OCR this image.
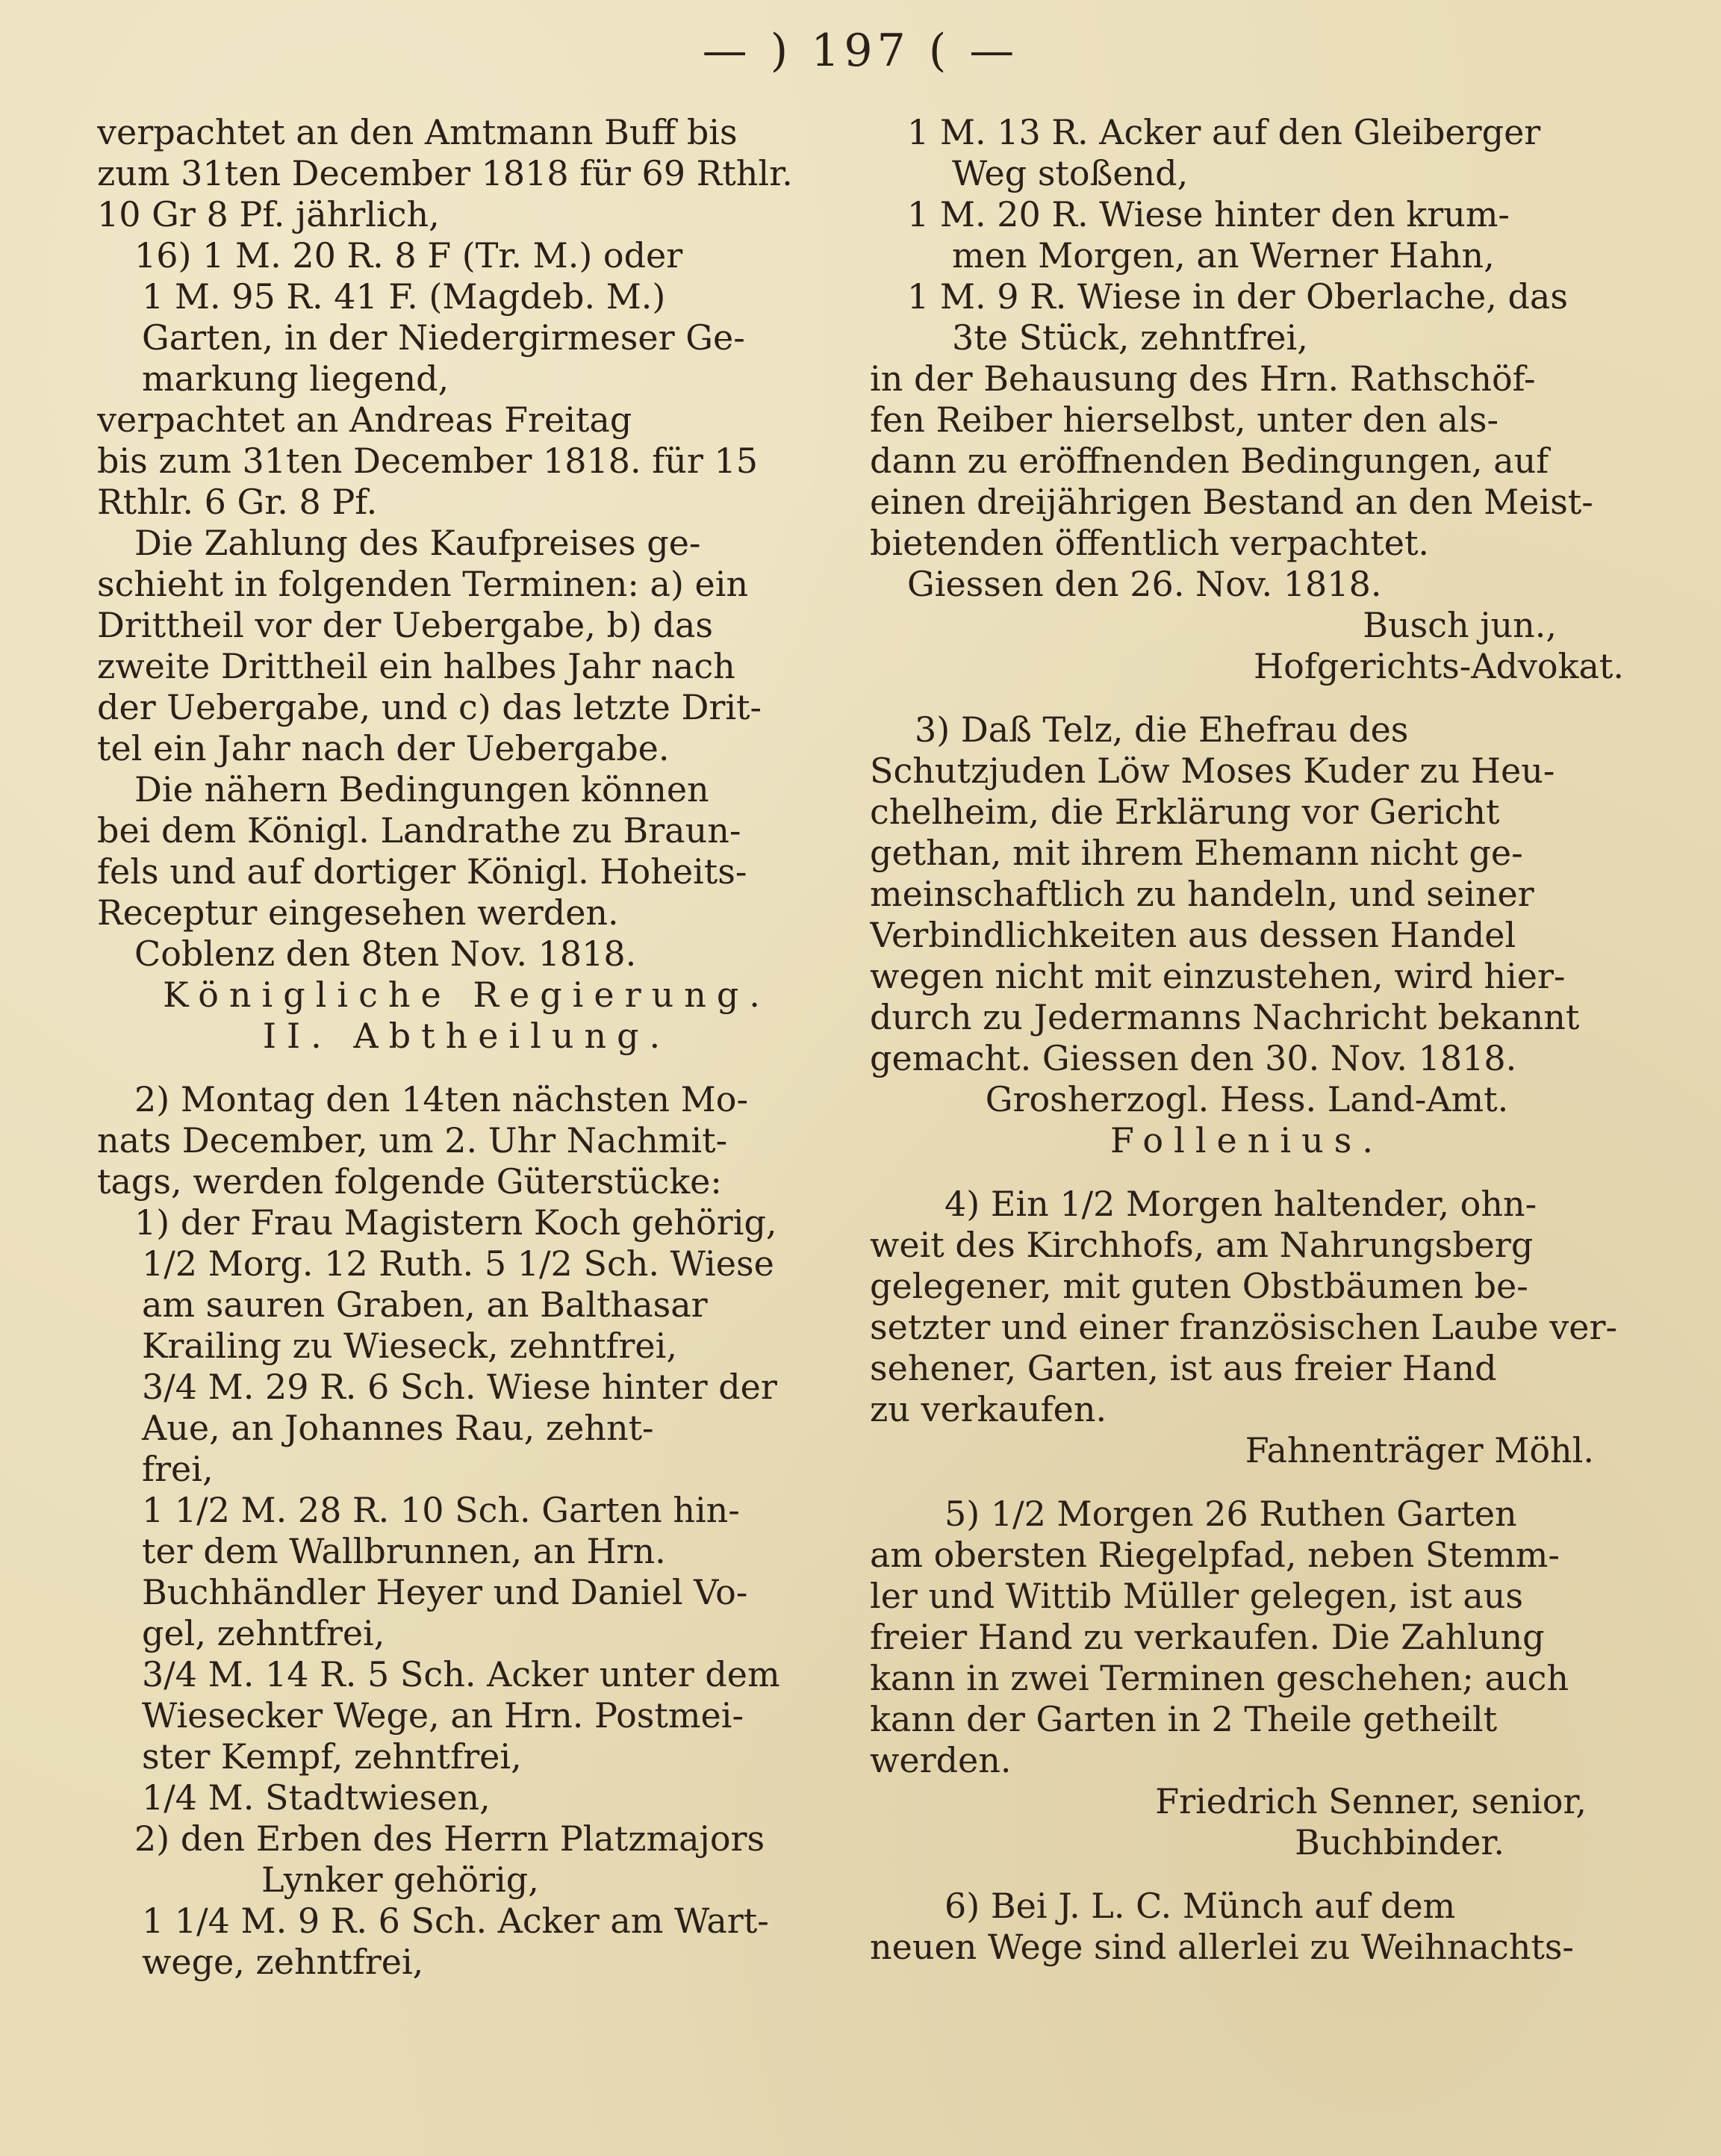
— ) 197 ( —
verpachtet an den Amtmann Buff bis
zum 31ten December 1818 für 69 Rthlr.
10 Gr 8 Pf. jährlich,
16) 1 M. 20 R. 8 F (Tr. M.) oder
1 M. 95 R. 41 F. (Magdeb. M.)
Garten, in der Niedergirmeser Ge-
markung liegend,
verpachtet an Andreas Freitag
bis zum 31ten December 1818. für 15
Rthlr. 6 Gr. 8 Pf.
Die Zahlung des Kaufpreises ge-
schieht in folgenden Terminen: a) ein
Drittheil vor der Uebergabe, b) das
zweite Drittheil ein halbes Jahr nach
der Uebergabe, und c) das letzte Drit-
tel ein Jahr nach der Uebergabe.
Die nähern Bedingungen können
bei dem Königl. Landrathe zu Braun-
fels und auf dortiger Königl. Hoheits-
Receptur eingesehen werden.
Coblenz den 8ten Nov. 1818.
Königliche Regierung.
II. Abtheilung.
2) Montag den 14ten nächsten Mo-
nats December, um 2. Uhr Nachmit-
tags, werden folgende Güterstücke:
1) der Frau Magistern Koch gehörig,
1/2 Morg. 12 Ruth. 5 1/2 Sch. Wiese
am sauren Graben, an Balthasar
Krailing zu Wieseck, zehntfrei,
3/4 M. 29 R. 6 Sch. Wiese hinter der
Aue, an Johannes Rau, zehnt-
frei,
1 1/2 M. 28 R. 10 Sch. Garten hin-
ter dem Wallbrunnen, an Hrn.
Buchhändler Heyer und Daniel Vo-
gel, zehntfrei,
3/4 M. 14 R. 5 Sch. Acker unter dem
Wiesecker Wege, an Hrn. Postmei-
ster Kempf, zehntfrei,
1/4 M. Stadtwiesen,
2) den Erben des Herrn Platzmajors
Lynker gehörig,
1 1/4 M. 9 R. 6 Sch. Acker am Wart-
wege, zehntfrei,
1 M. 13 R. Acker auf den Gleiberger
Weg stoßend,
1 M. 20 R. Wiese hinter den krum-
men Morgen, an Werner Hahn,
1 M. 9 R. Wiese in der Oberlache, das
3te Stück, zehntfrei,
in der Behausung des Hrn. Rathschöf-
fen Reiber hierselbst, unter den als-
dann zu eröffnenden Bedingungen, auf
einen dreijährigen Bestand an den Meist-
bietenden öffentlich verpachtet.
Giessen den 26. Nov. 1818.
Busch jun.,
Hofgerichts-Advokat.
3) Daß Telz, die Ehefrau des
Schutzjuden Löw Moses Kuder zu Heu-
chelheim, die Erklärung vor Gericht
gethan, mit ihrem Ehemann nicht ge-
meinschaftlich zu handeln, und seiner
Verbindlichkeiten aus dessen Handel
wegen nicht mit einzustehen, wird hier-
durch zu Jedermanns Nachricht bekannt
gemacht. Giessen den 30. Nov. 1818.
Grosherzogl. Hess. Land-Amt.
Follenius.
4) Ein 1/2 Morgen haltender, ohn-
weit des Kirchhofs, am Nahrungsberg
gelegener, mit guten Obstbäumen be-
setzter und einer französischen Laube ver-
sehener, Garten, ist aus freier Hand
zu verkaufen.
Fahnenträger Möhl.
5) 1/2 Morgen 26 Ruthen Garten
am obersten Riegelpfad, neben Stemm-
ler und Wittib Müller gelegen, ist aus
freier Hand zu verkaufen. Die Zahlung
kann in zwei Terminen geschehen; auch
kann der Garten in 2 Theile getheilt
werden.
Friedrich Senner, senior,
Buchbinder.
6) Bei J. L. C. Münch auf dem
neuen Wege sind allerlei zu Weihnachts-
